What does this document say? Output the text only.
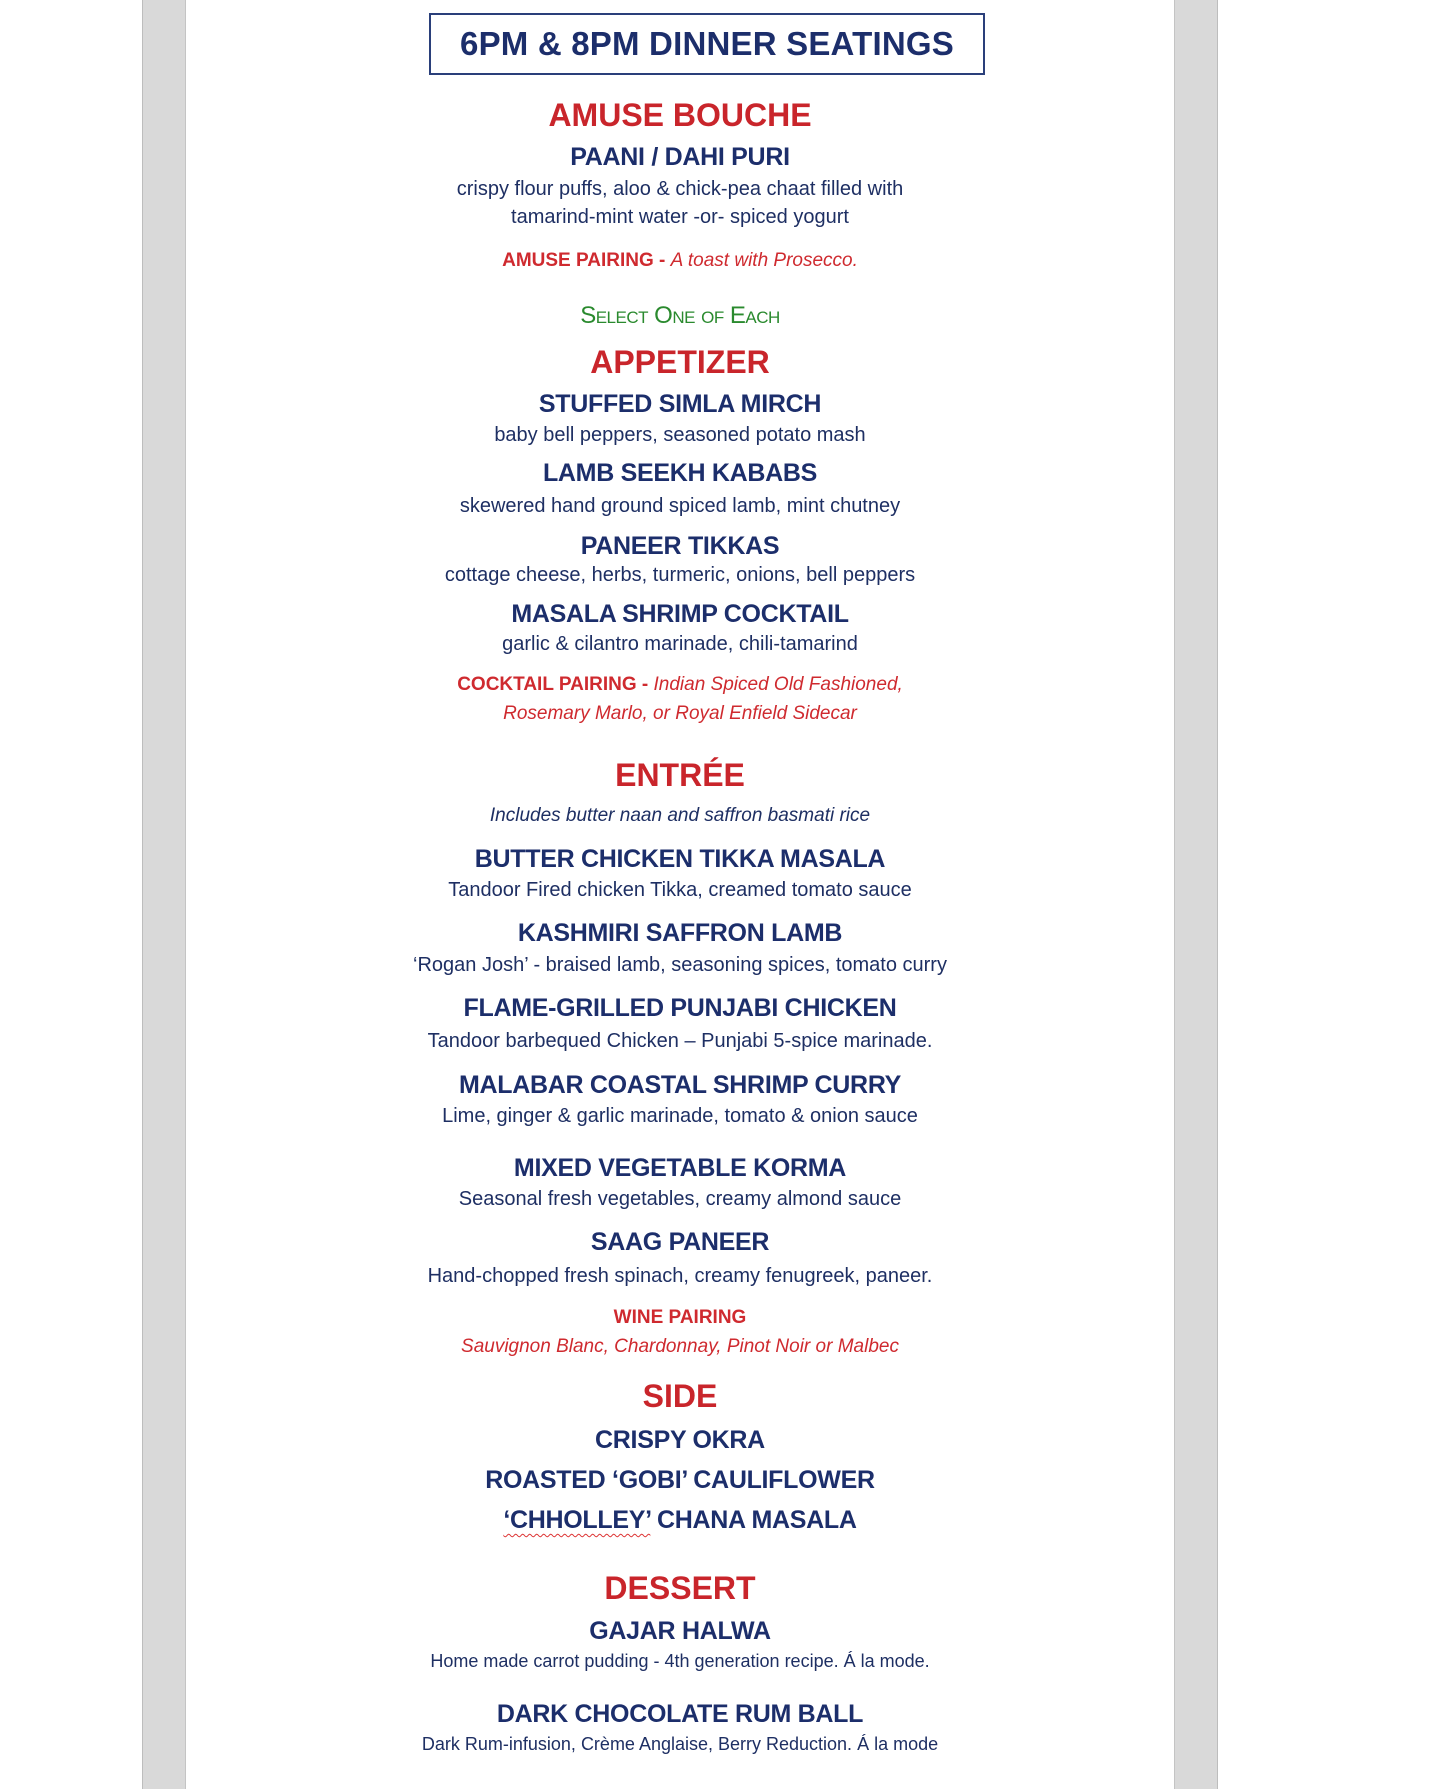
6PM & 8PM DINNER SEATINGS

AMUSE BOUCHE

PAANI / DAHI PURI

crispy flour puffs, aloo & chick-pea chaat filled with

tamarind-mint water -or- spiced yogurt

AMUSE PAIRING - A toast with Prosecco.

Select One of Each

APPETIZER

STUFFED SIMLA MIRCH

baby bell peppers, seasoned potato mash

LAMB SEEKH KABABS

skewered hand ground spiced lamb, mint chutney

PANEER TIKKAS

cottage cheese, herbs, turmeric, onions, bell peppers

MASALA SHRIMP COCKTAIL

garlic & cilantro marinade, chili-tamarind

COCKTAIL PAIRING - Indian Spiced Old Fashioned,

Rosemary Marlo, or Royal Enfield Sidecar

ENTRÉE

Includes butter naan and saffron basmati rice

BUTTER CHICKEN TIKKA MASALA

Tandoor Fired chicken Tikka, creamed tomato sauce

KASHMIRI SAFFRON LAMB

‘Rogan Josh’ - braised lamb, seasoning spices, tomato curry

FLAME-GRILLED PUNJABI CHICKEN

Tandoor barbequed Chicken – Punjabi 5-spice marinade.

MALABAR COASTAL SHRIMP CURRY

Lime, ginger & garlic marinade, tomato & onion sauce

MIXED VEGETABLE KORMA

Seasonal fresh vegetables, creamy almond sauce

SAAG PANEER

Hand-chopped fresh spinach, creamy fenugreek, paneer.

WINE PAIRING

Sauvignon Blanc, Chardonnay, Pinot Noir or Malbec

SIDE

CRISPY OKRA

ROASTED ‘GOBI’ CAULIFLOWER

‘CHHOLLEY’ CHANA MASALA

DESSERT

GAJAR HALWA

Home made carrot pudding - 4th generation recipe. Á la mode.

DARK CHOCOLATE RUM BALL

Dark Rum-infusion, Crème Anglaise, Berry Reduction. Á la mode
